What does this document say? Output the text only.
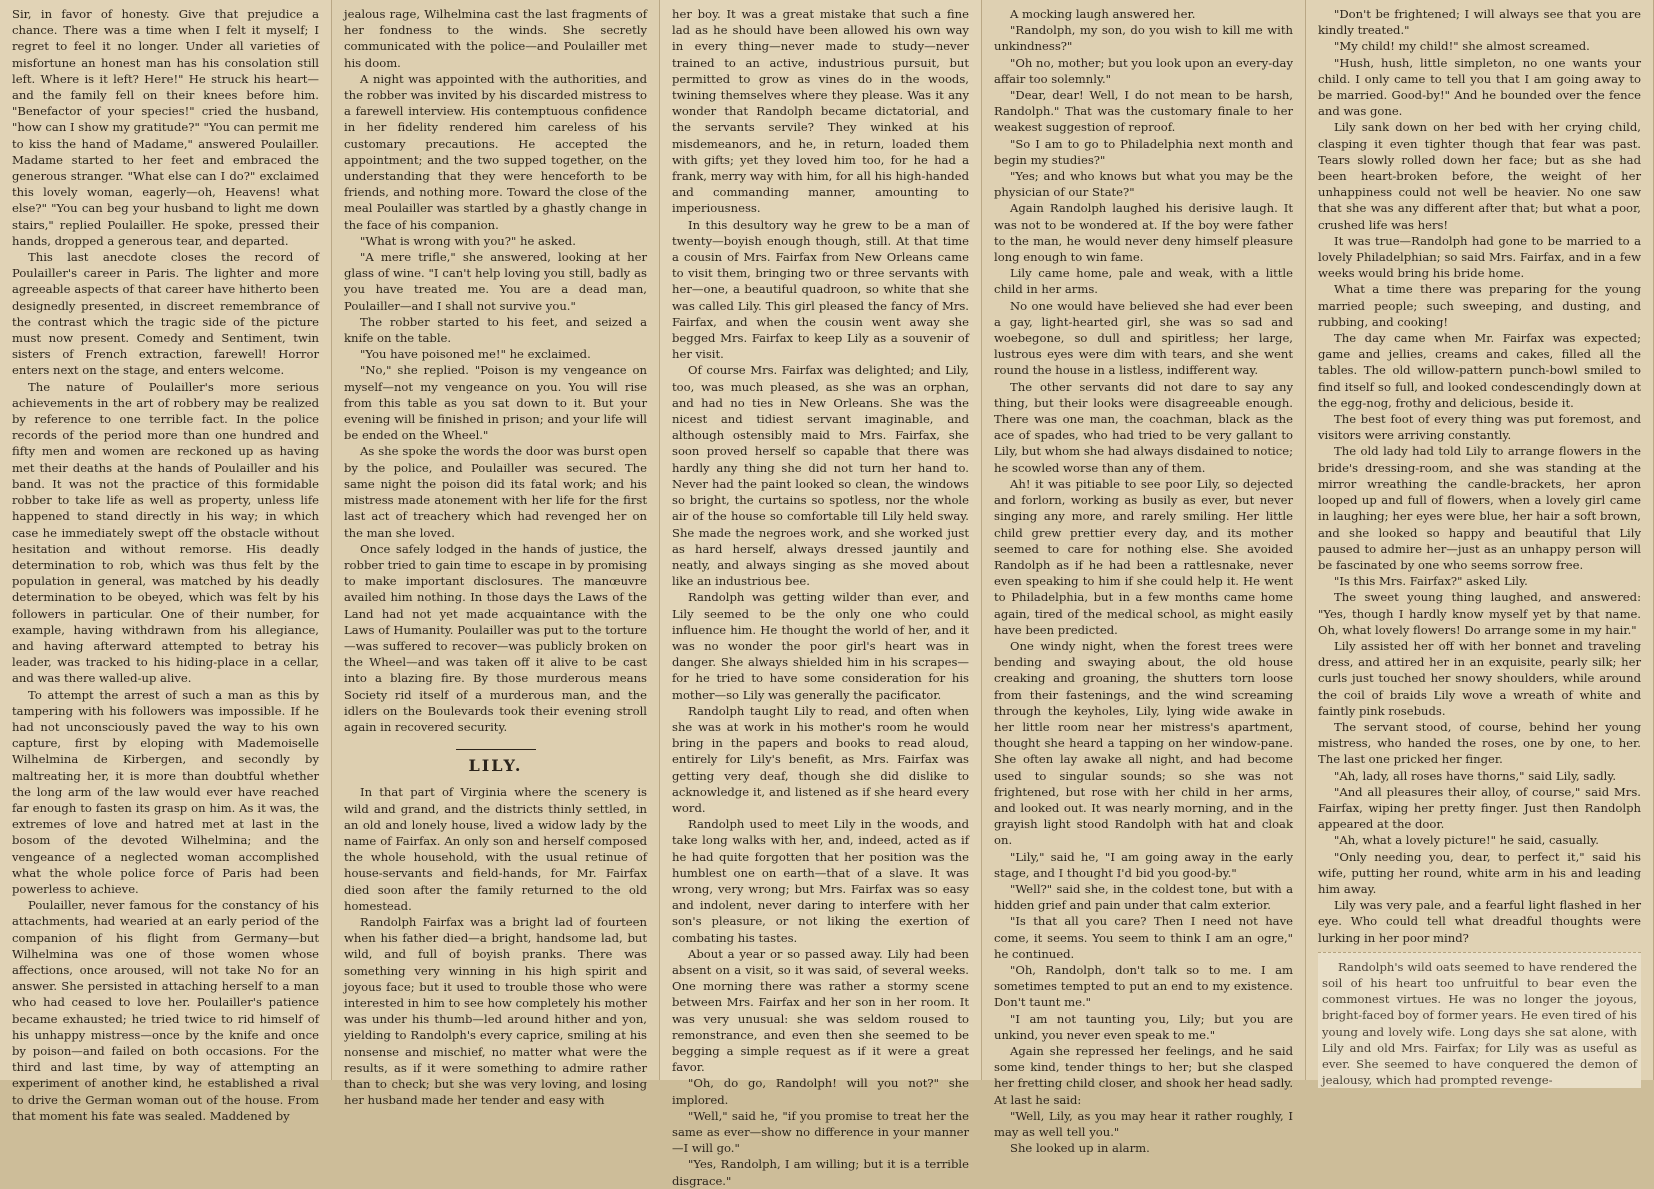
Sir, in favor of honesty. Give that prejudice a chance. There was a time when I felt it myself; I regret to feel it no longer. Under all varieties of misfortune an honest man has his consolation still left. Where is it left? Here!" He struck his heart—and the family fell on their knees before him. "Benefactor of your species!" cried the husband, "how can I show my gratitude?" "You can permit me to kiss the hand of Madame," answered Poulailler. Madame started to her feet and embraced the generous stranger. "What else can I do?" exclaimed this lovely woman, eagerly—oh, Heavens! what else?" "You can beg your husband to light me down stairs," replied Poulailler. He spoke, pressed their hands, dropped a generous tear, and departed.

This last anecdote closes the record of Poulailler's career in Paris. The lighter and more agreeable aspects of that career have hitherto been designedly presented, in discreet remembrance of the contrast which the tragic side of the picture must now present. Comedy and Sentiment, twin sisters of French extraction, farewell! Horror enters next on the stage, and enters welcome.

The nature of Poulailler's more serious achievements in the art of robbery may be realized by reference to one terrible fact. In the police records of the period more than one hundred and fifty men and women are reckoned up as having met their deaths at the hands of Poulailler and his band. It was not the practice of this formidable robber to take life as well as property, unless life happened to stand directly in his way; in which case he immediately swept off the obstacle without hesitation and without remorse. His deadly determination to rob, which was thus felt by the population in general, was matched by his deadly determination to be obeyed, which was felt by his followers in particular. One of their number, for example, having withdrawn from his allegiance, and having afterward attempted to betray his leader, was tracked to his hiding-place in a cellar, and was there walled-up alive.

To attempt the arrest of such a man as this by tampering with his followers was impossible. If he had not unconsciously paved the way to his own capture, first by eloping with Mademoiselle Wilhelmina de Kirbergen, and secondly by maltreating her, it is more than doubtful whether the long arm of the law would ever have reached far enough to fasten its grasp on him. As it was, the extremes of love and hatred met at last in the bosom of the devoted Wilhelmina; and the vengeance of a neglected woman accomplished what the whole police force of Paris had been powerless to achieve.

Poulailler, never famous for the constancy of his attachments, had wearied at an early period of the companion of his flight from Germany—but Wilhelmina was one of those women whose affections, once aroused, will not take No for an answer. She persisted in attaching herself to a man who had ceased to love her. Poulailler's patience became exhausted; he tried twice to rid himself of his unhappy mistress—once by the knife and once by poison—and failed on both occasions. For the third and last time, by way of attempting an experiment of another kind, he established a rival to drive the German woman out of the house. From that moment his fate was sealed. Maddened by

jealous rage, Wilhelmina cast the last fragments of her fondness to the winds. She secretly communicated with the police—and Poulailler met his doom.

A night was appointed with the authorities, and the robber was invited by his discarded mistress to a farewell interview. His contemptuous confidence in her fidelity rendered him careless of his customary precautions. He accepted the appointment; and the two supped together, on the understanding that they were henceforth to be friends, and nothing more. Toward the close of the meal Poulailler was startled by a ghastly change in the face of his companion.

"What is wrong with you?" he asked.

"A mere trifle," she answered, looking at her glass of wine. "I can't help loving you still, badly as you have treated me. You are a dead man, Poulailler—and I shall not survive you."

The robber started to his feet, and seized a knife on the table.

"You have poisoned me!" he exclaimed.

"No," she replied. "Poison is my vengeance on myself—not my vengeance on you. You will rise from this table as you sat down to it. But your evening will be finished in prison; and your life will be ended on the Wheel."

As she spoke the words the door was burst open by the police, and Poulailler was secured. The same night the poison did its fatal work; and his mistress made atonement with her life for the first last act of treachery which had revenged her on the man she loved.

Once safely lodged in the hands of justice, the robber tried to gain time to escape in by promising to make important disclosures. The manœuvre availed him nothing. In those days the Laws of the Land had not yet made acquaintance with the Laws of Humanity. Poulailler was put to the torture—was suffered to recover—was publicly broken on the Wheel—and was taken off it alive to be cast into a blazing fire. By those murderous means Society rid itself of a murderous man, and the idlers on the Boulevards took their evening stroll again in recovered security.

LILY.

In that part of Virginia where the scenery is wild and grand, and the districts thinly settled, in an old and lonely house, lived a widow lady by the name of Fairfax. An only son and herself composed the whole household, with the usual retinue of house-servants and field-hands, for Mr. Fairfax died soon after the family returned to the old homestead.

Randolph Fairfax was a bright lad of fourteen when his father died—a bright, handsome lad, but wild, and full of boyish pranks. There was something very winning in his high spirit and joyous face; but it used to trouble those who were interested in him to see how completely his mother was under his thumb—led around hither and yon, yielding to Randolph's every caprice, smiling at his nonsense and mischief, no matter what were the results, as if it were something to admire rather than to check; but she was very loving, and losing her husband made her tender and easy with

her boy. It was a great mistake that such a fine lad as he should have been allowed his own way in every thing—never made to study—never trained to an active, industrious pursuit, but permitted to grow as vines do in the woods, twining themselves where they please. Was it any wonder that Randolph became dictatorial, and the servants servile? They winked at his misdemeanors, and he, in return, loaded them with gifts; yet they loved him too, for he had a frank, merry way with him, for all his high-handed and commanding manner, amounting to imperiousness.

In this desultory way he grew to be a man of twenty—boyish enough though, still. At that time a cousin of Mrs. Fairfax from New Orleans came to visit them, bringing two or three servants with her—one, a beautiful quadroon, so white that she was called Lily. This girl pleased the fancy of Mrs. Fairfax, and when the cousin went away she begged Mrs. Fairfax to keep Lily as a souvenir of her visit.

Of course Mrs. Fairfax was delighted; and Lily, too, was much pleased, as she was an orphan, and had no ties in New Orleans. She was the nicest and tidiest servant imaginable, and although ostensibly maid to Mrs. Fairfax, she soon proved herself so capable that there was hardly any thing she did not turn her hand to. Never had the paint looked so clean, the windows so bright, the curtains so spotless, nor the whole air of the house so comfortable till Lily held sway. She made the negroes work, and she worked just as hard herself, always dressed jauntily and neatly, and always singing as she moved about like an industrious bee.

Randolph was getting wilder than ever, and Lily seemed to be the only one who could influence him. He thought the world of her, and it was no wonder the poor girl's heart was in danger. She always shielded him in his scrapes—for he tried to have some consideration for his mother—so Lily was generally the pacificator.

Randolph taught Lily to read, and often when she was at work in his mother's room he would bring in the papers and books to read aloud, entirely for Lily's benefit, as Mrs. Fairfax was getting very deaf, though she did dislike to acknowledge it, and listened as if she heard every word.

Randolph used to meet Lily in the woods, and take long walks with her, and, indeed, acted as if he had quite forgotten that her position was the humblest one on earth—that of a slave. It was wrong, very wrong; but Mrs. Fairfax was so easy and indolent, never daring to interfere with her son's pleasure, or not liking the exertion of combating his tastes.

About a year or so passed away. Lily had been absent on a visit, so it was said, of several weeks. One morning there was rather a stormy scene between Mrs. Fairfax and her son in her room. It was very unusual: she was seldom roused to remonstrance, and even then she seemed to be begging a simple request as if it were a great favor.

"Oh, do go, Randolph! will you not?" she implored.

"Well," said he, "if you promise to treat her the same as ever—show no difference in your manner—I will go."

"Yes, Randolph, I am willing; but it is a terrible disgrace."

A mocking laugh answered her.

"Randolph, my son, do you wish to kill me with unkindness?"

"Oh no, mother; but you look upon an every-day affair too solemnly."

"Dear, dear! Well, I do not mean to be harsh, Randolph." That was the customary finale to her weakest suggestion of reproof.

"So I am to go to Philadelphia next month and begin my studies?"

"Yes; and who knows but what you may be the physician of our State?"

Again Randolph laughed his derisive laugh. It was not to be wondered at. If the boy were father to the man, he would never deny himself pleasure long enough to win fame.

Lily came home, pale and weak, with a little child in her arms.

No one would have believed she had ever been a gay, light-hearted girl, she was so sad and woebegone, so dull and spiritless; her large, lustrous eyes were dim with tears, and she went round the house in a listless, indifferent way.

The other servants did not dare to say any thing, but their looks were disagreeable enough. There was one man, the coachman, black as the ace of spades, who had tried to be very gallant to Lily, but whom she had always disdained to notice; he scowled worse than any of them.

Ah! it was pitiable to see poor Lily, so dejected and forlorn, working as busily as ever, but never singing any more, and rarely smiling. Her little child grew prettier every day, and its mother seemed to care for nothing else. She avoided Randolph as if he had been a rattlesnake, never even speaking to him if she could help it. He went to Philadelphia, but in a few months came home again, tired of the medical school, as might easily have been predicted.

One windy night, when the forest trees were bending and swaying about, the old house creaking and groaning, the shutters torn loose from their fastenings, and the wind screaming through the keyholes, Lily, lying wide awake in her little room near her mistress's apartment, thought she heard a tapping on her window-pane. She often lay awake all night, and had become used to singular sounds; so she was not frightened, but rose with her child in her arms, and looked out. It was nearly morning, and in the grayish light stood Randolph with hat and cloak on.

"Lily," said he, "I am going away in the early stage, and I thought I'd bid you good-by."

"Well?" said she, in the coldest tone, but with a hidden grief and pain under that calm exterior.

"Is that all you care? Then I need not have come, it seems. You seem to think I am an ogre," he continued.

"Oh, Randolph, don't talk so to me. I am sometimes tempted to put an end to my existence. Don't taunt me."

"I am not taunting you, Lily; but you are unkind, you never even speak to me."

Again she repressed her feelings, and he said some kind, tender things to her; but she clasped her fretting child closer, and shook her head sadly. At last he said:

"Well, Lily, as you may hear it rather roughly, I may as well tell you."

She looked up in alarm.

"Don't be frightened; I will always see that you are kindly treated."

"My child! my child!" she almost screamed.

"Hush, hush, little simpleton, no one wants your child. I only came to tell you that I am going away to be married. Good-by!" And he bounded over the fence and was gone.

Lily sank down on her bed with her crying child, clasping it even tighter though that fear was past. Tears slowly rolled down her face; but as she had been heart-broken before, the weight of her unhappiness could not well be heavier. No one saw that she was any different after that; but what a poor, crushed life was hers!

It was true—Randolph had gone to be married to a lovely Philadelphian; so said Mrs. Fairfax, and in a few weeks would bring his bride home.

What a time there was preparing for the young married people; such sweeping, and dusting, and rubbing, and cooking!

The day came when Mr. Fairfax was expected; game and jellies, creams and cakes, filled all the tables. The old willow-pattern punch-bowl smiled to find itself so full, and looked condescendingly down at the egg-nog, frothy and delicious, beside it.

The best foot of every thing was put foremost, and visitors were arriving constantly.

The old lady had told Lily to arrange flowers in the bride's dressing-room, and she was standing at the mirror wreathing the candle-brackets, her apron looped up and full of flowers, when a lovely girl came in laughing; her eyes were blue, her hair a soft brown, and she looked so happy and beautiful that Lily paused to admire her—just as an unhappy person will be fascinated by one who seems sorrow free.

"Is this Mrs. Fairfax?" asked Lily.

The sweet young thing laughed, and answered: "Yes, though I hardly know myself yet by that name. Oh, what lovely flowers! Do arrange some in my hair."

Lily assisted her off with her bonnet and traveling dress, and attired her in an exquisite, pearly silk; her curls just touched her snowy shoulders, while around the coil of braids Lily wove a wreath of white and faintly pink rosebuds.

The servant stood, of course, behind her young mistress, who handed the roses, one by one, to her. The last one pricked her finger.

"Ah, lady, all roses have thorns," said Lily, sadly.

"And all pleasures their alloy, of course," said Mrs. Fairfax, wiping her pretty finger. Just then Randolph appeared at the door.

"Ah, what a lovely picture!" he said, casually.

"Only needing you, dear, to perfect it," said his wife, putting her round, white arm in his and leading him away.

Lily was very pale, and a fearful light flashed in her eye. Who could tell what dreadful thoughts were lurking in her poor mind?

Randolph's wild oats seemed to have rendered the soil of his heart too unfruitful to bear even the commonest virtues. He was no longer the joyous, bright-faced boy of former years. He even tired of his young and lovely wife. Long days she sat alone, with Lily and old Mrs. Fairfax; for Lily was as useful as ever. She seemed to have conquered the demon of jealousy, which had prompted revenge-
